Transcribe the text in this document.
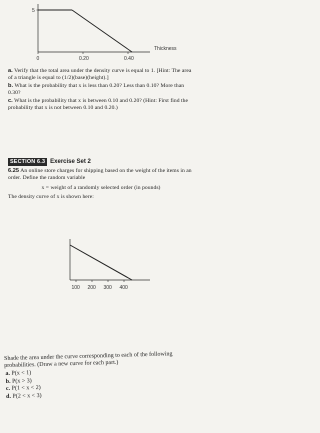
5
0	0.20	0.40
Thickness

a. Verify that the total area under the density curve is equal to 1. [Hint: The area of a triangle is equal to (1/2)(base)(height).]

b. What is the probability that x is less than 0.20? Less than 0.10? More than 0.30?

c. What is the probability that x is between 0.10 and 0.20? (Hint: First find the probability that x is not between 0.10 and 0.20.)

SECTION 6.3 Exercise Set 2

6.25 An online store charges for shipping based on the weight of the items in an order. Define the random variable

x = weight of a randomly selected order (in pounds)

The density curve of x is shown here:

100 200 300 400

Shade the area under the curve corresponding to each of the following probabilities. (Draw a new curve for each part.)

a. P(x < 1)
b. P(x > 3)
c. P(1 < x < 2)
d. P(2 < x < 3)
